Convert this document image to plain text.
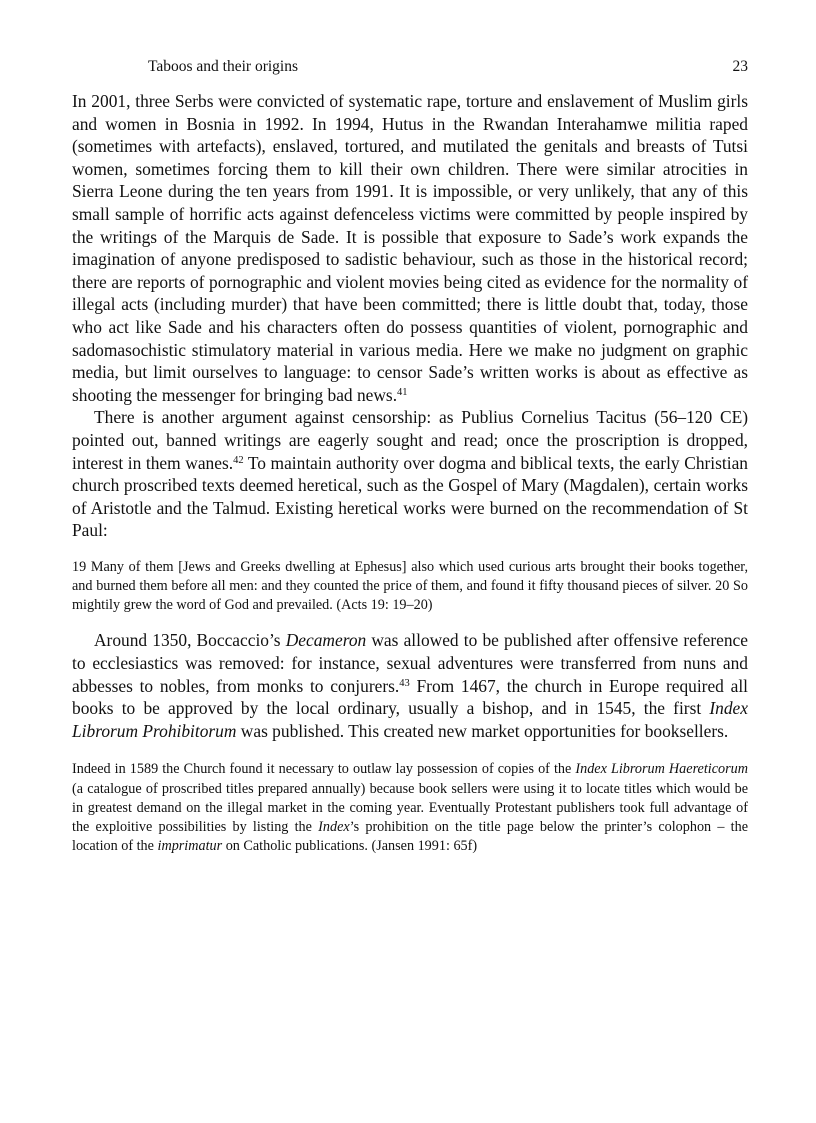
Taboos and their origins	23

In 2001, three Serbs were convicted of systematic rape, torture and enslavement of Muslim girls and women in Bosnia in 1992. In 1994, Hutus in the Rwandan Interahamwe militia raped (sometimes with artefacts), enslaved, tortured, and mutilated the genitals and breasts of Tutsi women, sometimes forcing them to kill their own children. There were similar atrocities in Sierra Leone during the ten years from 1991. It is impossible, or very unlikely, that any of this small sample of horrific acts against defenceless victims were committed by people inspired by the writings of the Marquis de Sade. It is possible that exposure to Sade’s work expands the imagination of anyone predisposed to sadistic behaviour, such as those in the historical record; there are reports of pornographic and violent movies being cited as evidence for the normality of illegal acts (including murder) that have been committed; there is little doubt that, today, those who act like Sade and his characters often do possess quantities of violent, pornographic and sadomasochistic stimulatory material in various media. Here we make no judgment on graphic media, but limit ourselves to language: to censor Sade’s written works is about as effective as shooting the messenger for bringing bad news.$^{41}$

There is another argument against censorship: as Publius Cornelius Tacitus (56–120 CE) pointed out, banned writings are eagerly sought and read; once the proscription is dropped, interest in them wanes.$^{42}$ To maintain authority over dogma and biblical texts, the early Christian church proscribed texts deemed heretical, such as the Gospel of Mary (Magdalen), certain works of Aristotle and the Talmud. Existing heretical works were burned on the recommendation of St Paul:

19 Many of them [Jews and Greeks dwelling at Ephesus] also which used curious arts brought their books together, and burned them before all men: and they counted the price of them, and found it fifty thousand pieces of silver. 20 So mightily grew the word of God and prevailed. (Acts 19: 19–20)

Around 1350, Boccaccio’s Decameron was allowed to be published after offensive reference to ecclesiastics was removed: for instance, sexual adventures were transferred from nuns and abbesses to nobles, from monks to conjurers.$^{43}$ From 1467, the church in Europe required all books to be approved by the local ordinary, usually a bishop, and in 1545, the first Index Librorum Prohibitorum was published. This created new market opportunities for booksellers.

Indeed in 1589 the Church found it necessary to outlaw lay possession of copies of the Index Librorum Haereticorum (a catalogue of proscribed titles prepared annually) because book sellers were using it to locate titles which would be in greatest demand on the illegal market in the coming year. Eventually Protestant publishers took full advantage of the exploitive possibilities by listing the Index’s prohibition on the title page below the printer’s colophon – the location of the imprimatur on Catholic publications. (Jansen 1991: 65f)
